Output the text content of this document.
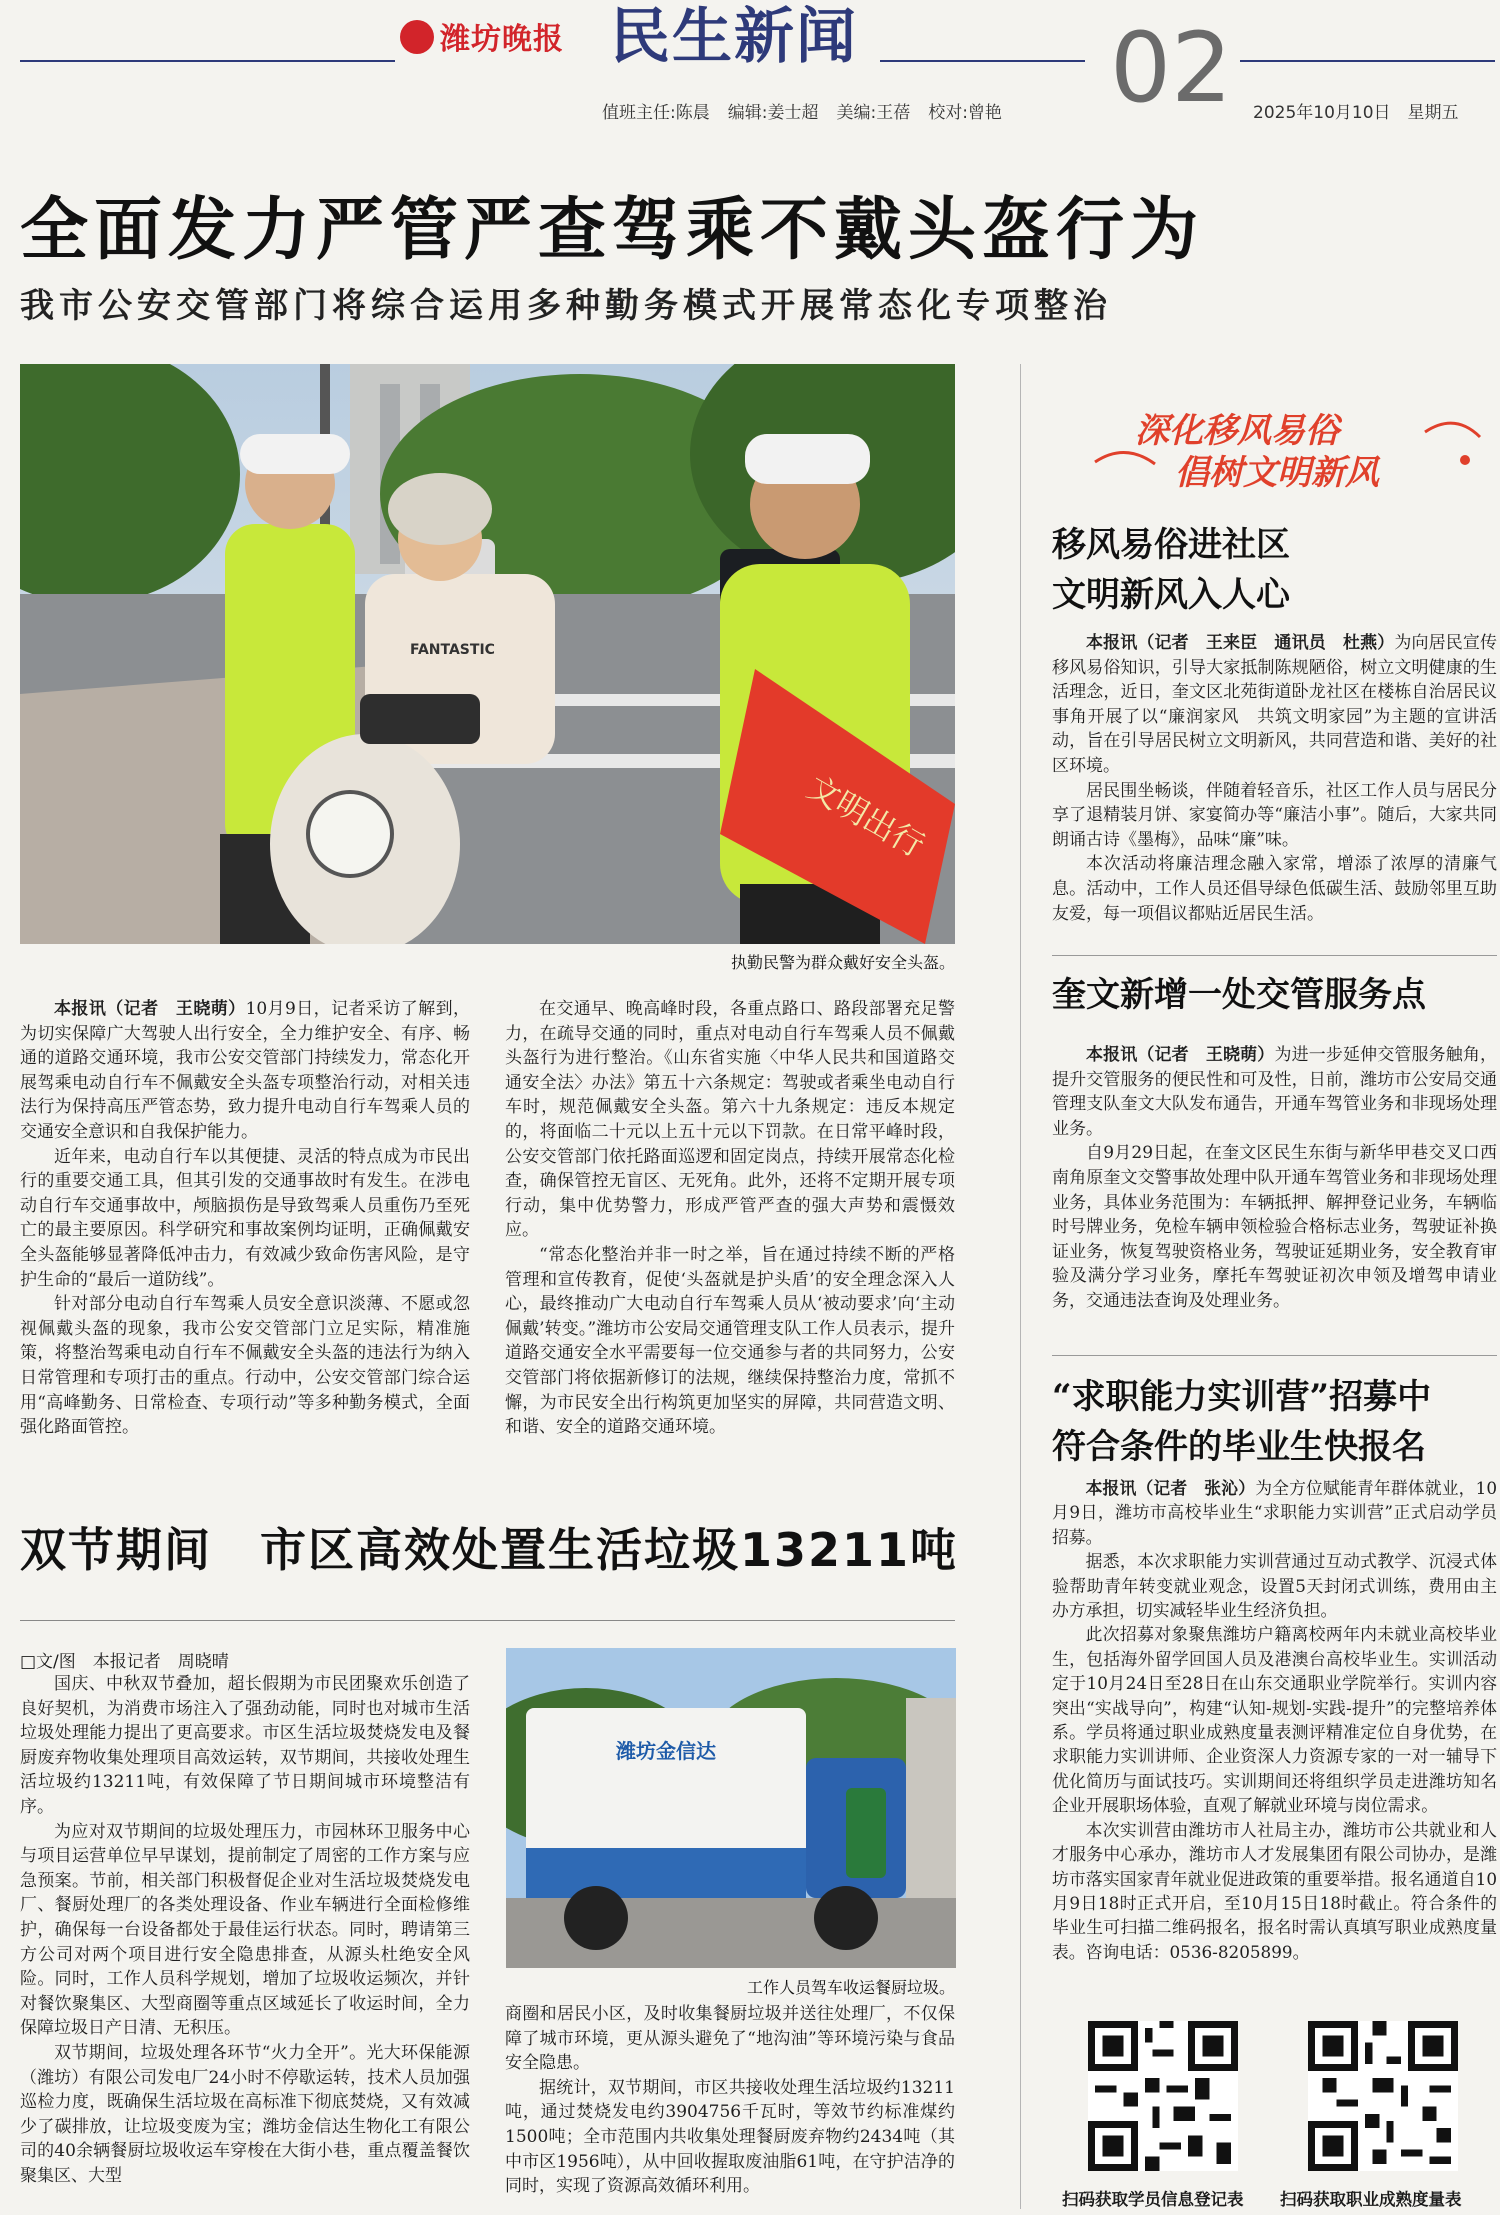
潍坊晚报 民生新闻	02
值班主任:陈晨 编辑:姜士超 美编:王蓓 校对:曾艳	2025年10月10日　星期五
全面发力严管严查驾乘不戴头盔行为
我市公安交管部门将综合运用多种勤务模式开展常态化专项整治
FANTASTIC
文明出行
执勤民警为群众戴好安全头盔。

本报讯（记者　王晓萌）10月9日，记者采访了解到，为切实保障广大驾驶人出行安全，全力维护安全、有序、畅通的道路交通环境，我市公安交管部门持续发力，常态化开展驾乘电动自行车不佩戴安全头盔专项整治行动，对相关违法行为保持高压严管态势，致力提升电动自行车驾乘人员的交通安全意识和自我保护能力。

近年来，电动自行车以其便捷、灵活的特点成为市民出行的重要交通工具，但其引发的交通事故时有发生。在涉电动自行车交通事故中，颅脑损伤是导致驾乘人员重伤乃至死亡的最主要原因。科学研究和事故案例均证明，正确佩戴安全头盔能够显著降低冲击力，有效减少致命伤害风险，是守护生命的“最后一道防线”。

针对部分电动自行车驾乘人员安全意识淡薄、不愿或忽视佩戴头盔的现象，我市公安交管部门立足实际，精准施策，将整治驾乘电动自行车不佩戴安全头盔的违法行为纳入日常管理和专项打击的重点。行动中，公安交管部门综合运用“高峰勤务、日常检查、专项行动”等多种勤务模式，全面强化路面管控。

在交通早、晚高峰时段，各重点路口、路段部署充足警力，在疏导交通的同时，重点对电动自行车驾乘人员不佩戴头盔行为进行整治。《山东省实施〈中华人民共和国道路交通安全法〉办法》第五十六条规定：驾驶或者乘坐电动自行车时，规范佩戴安全头盔。第六十九条规定：违反本规定的，将面临二十元以上五十元以下罚款。在日常平峰时段，公安交管部门依托路面巡逻和固定岗点，持续开展常态化检查，确保管控无盲区、无死角。此外，还将不定期开展专项行动，集中优势警力，形成严管严查的强大声势和震慑效应。

“常态化整治并非一时之举，旨在通过持续不断的严格管理和宣传教育，促使‘头盔就是护头盾’的安全理念深入人心，最终推动广大电动自行车驾乘人员从‘被动要求’向‘主动佩戴’转变。”潍坊市公安局交通管理支队工作人员表示，提升道路交通安全水平需要每一位交通参与者的共同努力，公安交管部门将依据新修订的法规，继续保持整治力度，常抓不懈，为市民安全出行构筑更加坚实的屏障，共同营造文明、和谐、安全的道路交通环境。

双节期间　市区高效处置生活垃圾13211吨
□文/图　本报记者　周晓晴

国庆、中秋双节叠加，超长假期为市民团聚欢乐创造了良好契机，为消费市场注入了强劲动能，同时也对城市生活垃圾处理能力提出了更高要求。市区生活垃圾焚烧发电及餐厨废弃物收集处理项目高效运转，双节期间，共接收处理生活垃圾约13211吨，有效保障了节日期间城市环境整洁有序。

为应对双节期间的垃圾处理压力，市园林环卫服务中心与项目运营单位早早谋划，提前制定了周密的工作方案与应急预案。节前，相关部门积极督促企业对生活垃圾焚烧发电厂、餐厨处理厂的各类处理设备、作业车辆进行全面检修维护，确保每一台设备都处于最佳运行状态。同时，聘请第三方公司对两个项目进行安全隐患排查，从源头杜绝安全风险。同时，工作人员科学规划，增加了垃圾收运频次，并针对餐饮聚集区、大型商圈等重点区域延长了收运时间，全力保障垃圾日产日清、无积压。

双节期间，垃圾处理各环节“火力全开”。光大环保能源（潍坊）有限公司发电厂24小时不停歇运转，技术人员加强巡检力度，既确保生活垃圾在高标准下彻底焚烧，又有效减少了碳排放，让垃圾变废为宝；潍坊金信达生物化工有限公司的40余辆餐厨垃圾收运车穿梭在大街小巷，重点覆盖餐饮聚集区、大型

潍坊金信达
工作人员驾车收运餐厨垃圾。

商圈和居民小区，及时收集餐厨垃圾并送往处理厂，不仅保障了城市环境，更从源头避免了“地沟油”等环境污染与食品安全隐患。

据统计，双节期间，市区共接收处理生活垃圾约13211吨，通过焚烧发电约3904756千瓦时，等效节约标准煤约1500吨；全市范围内共收集处理餐厨废弃物约2434吨（其中市区1956吨），从中回收握取废油脂61吨，在守护洁净的同时，实现了资源高效循环利用。

深化移风易俗
倡树文明新风
移风易俗进社区
文明新风入人心

本报讯（记者　王来臣　通讯员　杜燕）为向居民宣传移风易俗知识，引导大家抵制陈规陋俗，树立文明健康的生活理念，近日，奎文区北苑街道卧龙社区在楼栋自治居民议事角开展了以“廉润家风　共筑文明家园”为主题的宣讲活动，旨在引导居民树立文明新风，共同营造和谐、美好的社区环境。

居民围坐畅谈，伴随着轻音乐，社区工作人员与居民分享了退精装月饼、家宴简办等“廉洁小事”。随后，大家共同朗诵古诗《墨梅》，品味“廉”味。

本次活动将廉洁理念融入家常，增添了浓厚的清廉气息。活动中，工作人员还倡导绿色低碳生活、鼓励邻里互助友爱，每一项倡议都贴近居民生活。

奎文新增一处交管服务点

本报讯（记者　王晓萌）为进一步延伸交管服务触角，提升交管服务的便民性和可及性，日前，潍坊市公安局交通管理支队奎文大队发布通告，开通车驾管业务和非现场处理业务。

自9月29日起，在奎文区民生东街与新华甲巷交叉口西南角原奎文交警事故处理中队开通车驾管业务和非现场处理业务，具体业务范围为：车辆抵押、解押登记业务，车辆临时号牌业务，免检车辆申领检验合格标志业务，驾驶证补换证业务，恢复驾驶资格业务，驾驶证延期业务，安全教育审验及满分学习业务，摩托车驾驶证初次申领及增驾申请业务，交通违法查询及处理业务。

“求职能力实训营”招募中
符合条件的毕业生快报名

本报讯（记者　张沁）为全方位赋能青年群体就业，10月9日，潍坊市高校毕业生“求职能力实训营”正式启动学员招募。

据悉，本次求职能力实训营通过互动式教学、沉浸式体验帮助青年转变就业观念，设置5天封闭式训练，费用由主办方承担，切实减轻毕业生经济负担。

此次招募对象聚焦潍坊户籍离校两年内未就业高校毕业生，包括海外留学回国人员及港澳台高校毕业生。实训活动定于10月24日至28日在山东交通职业学院举行。实训内容突出“实战导向”，构建“认知-规划-实践-提升”的完整培养体系。学员将通过职业成熟度量表测评精准定位自身优势，在求职能力实训讲师、企业资深人力资源专家的一对一辅导下优化简历与面试技巧。实训期间还将组织学员走进潍坊知名企业开展职场体验，直观了解就业环境与岗位需求。

本次实训营由潍坊市人社局主办，潍坊市公共就业和人才服务中心承办，潍坊市人才发展集团有限公司协办，是潍坊市落实国家青年就业促进政策的重要举措。报名通道自10月9日18时正式开启，至10月15日18时截止。符合条件的毕业生可扫描二维码报名，报名时需认真填写职业成熟度量表。咨询电话：0536-8205899。

扫码获取学员信息登记表 扫码获取职业成熟度量表
